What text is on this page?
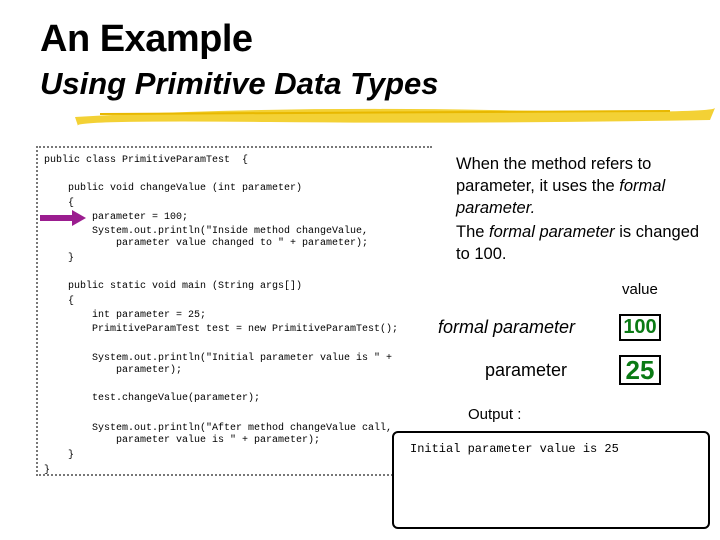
An Example
Using Primitive Data Types
public class PrimitiveParamTest  {
public void changeValue (int parameter)
{
parameter = 100;
System.out.println("Inside method changeValue,
parameter value changed to " + parameter);
}
public static void main (String args[])
{
int parameter = 25;
PrimitiveParamTest test = new PrimitiveParamTest();
System.out.println("Initial parameter value is " +
parameter);
test.changeValue(parameter);
System.out.println("After method changeValue call,
parameter value is " + parameter);
}
}
When the method refers to parameter, it uses the formal parameter.
The formal parameter is changed to 100.
value
formal parameter 100
parameter 25
Output :
Initial parameter value is 25
